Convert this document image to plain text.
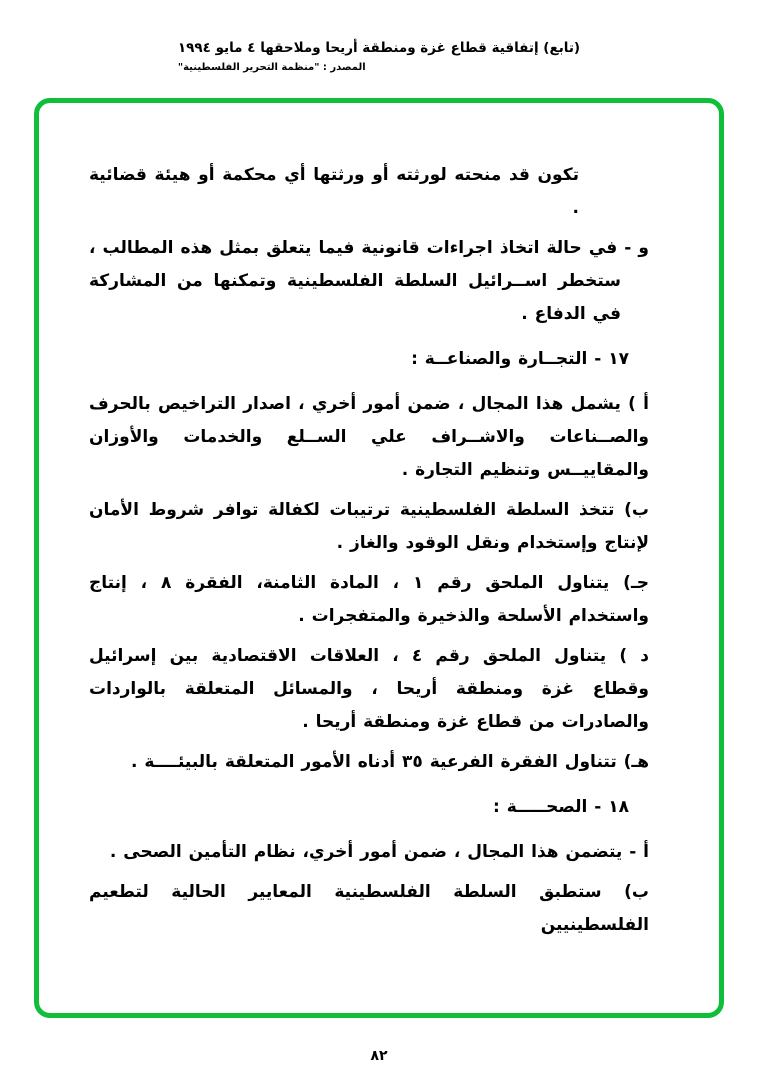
(تابع) إتفاقية قطاع غزة ومنطقة أريحا وملاحقها ٤ مايو ١٩٩٤
المصدر : "منظمة التحرير الفلسطينية"

تكون قد منحته لورثته أو ورثتها أي محكمة أو هيئة قضائية .

و - في حالة اتخاذ اجراءات قانونية فيما يتعلق بمثل هذه المطالب ، ستخطر اســرائيل السلطة الفلسطينية وتمكنها من المشاركة في الدفاع .

١٧ - التجــارة والصناعــة :

أ ) يشمل هذا المجال ، ضمن أمور أخري ، اصدار التراخيص بالحرف والصــناعات والاشــراف علي الســلع والخدمات والأوزان والمقاييــس وتنظيم التجارة .

ب) تتخذ السلطة الفلسطينية ترتيبات لكفالة توافر شروط الأمان لإنتاج وإستخدام ونقل الوقود والغاز .

جـ) يتناول الملحق رقم ١ ، المادة الثامنة، الفقرة ٨ ، إنتاج واستخدام الأسلحة والذخيرة والمتفجرات .

د ) يتناول الملحق رقم ٤ ، العلاقات الاقتصادية بين إسرائيل وقطاع غزة ومنطقة أريحا ، والمسائل المتعلقة بالواردات والصادرات من قطاع غزة ومنطقة أريحا .

هـ) تتناول الفقرة الفرعية ٣٥ أدناه الأمور المتعلقة بالبيئــــة .

١٨ - الصحـــــة :

أ - يتضمن هذا المجال ، ضمن أمور أخري، نظام التأمين الصحى .

ب) ستطبق السلطة الفلسطينية المعايير الحالية لتطعيم الفلسطينيين

٨٢
